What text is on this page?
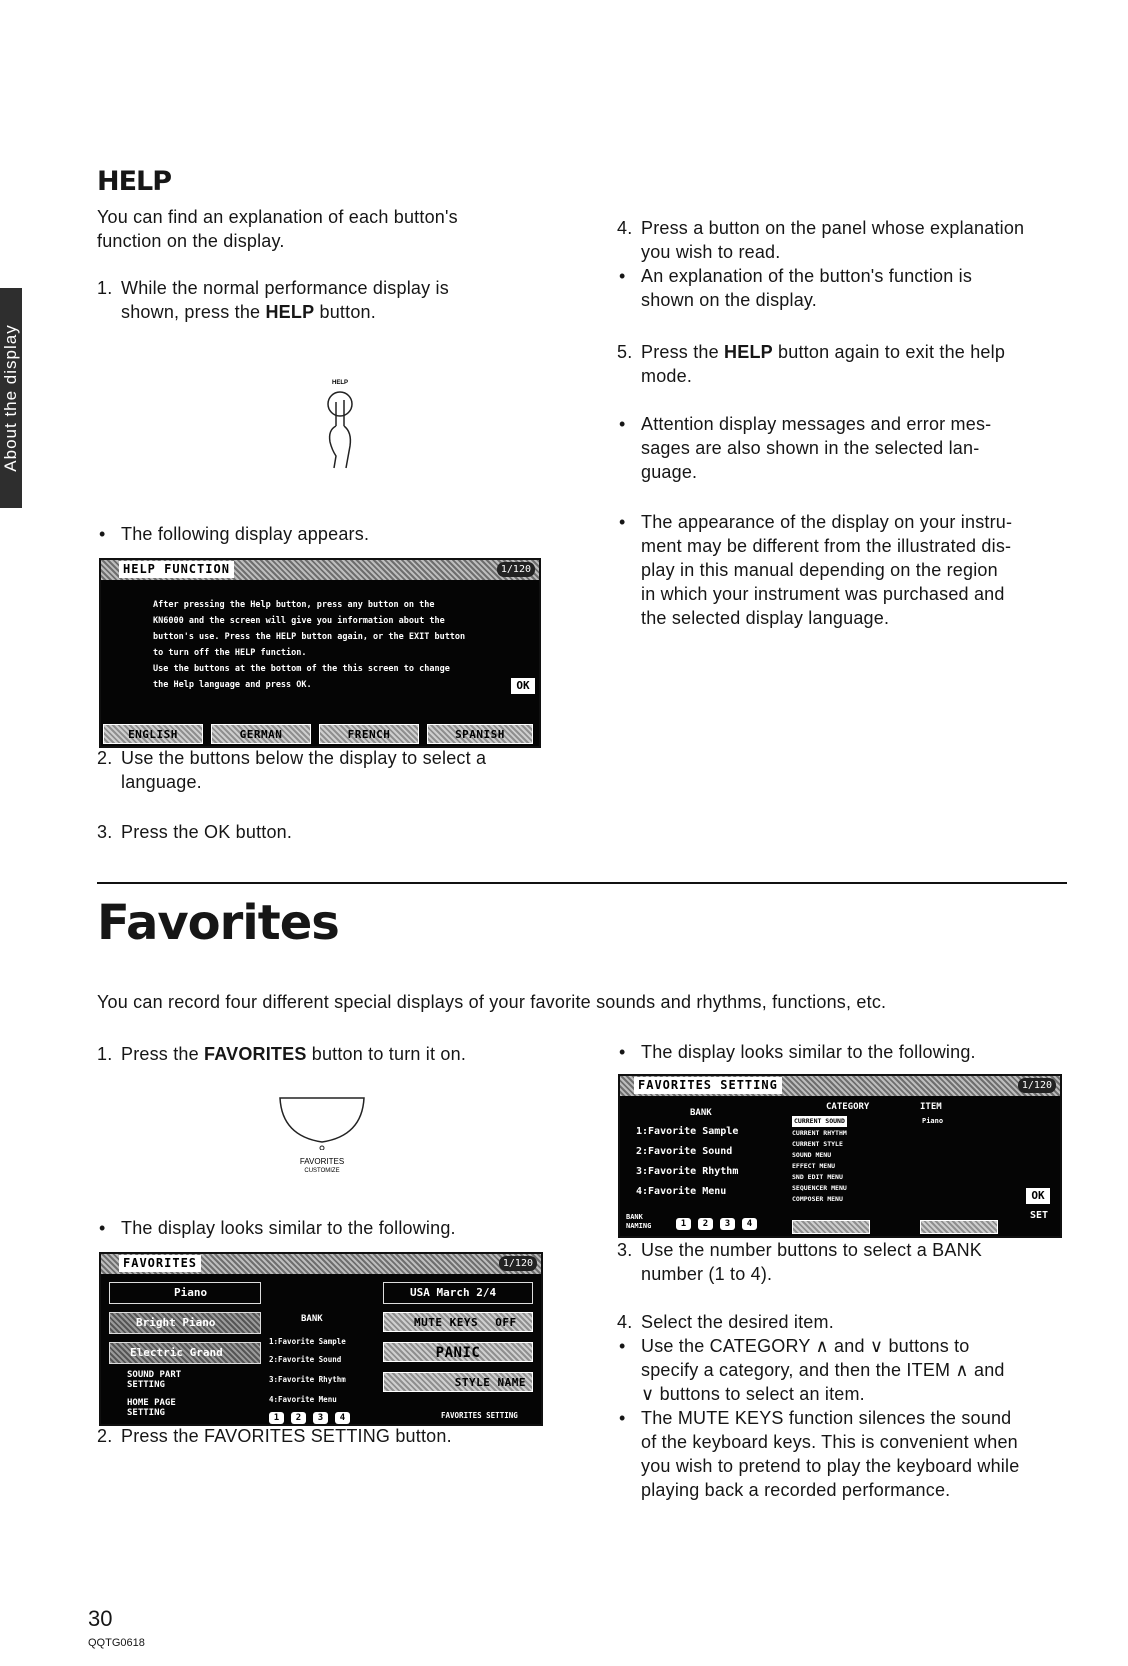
About the display
HELP
You can find an explanation of each button's
function on the display.
1. While the normal performance display is
shown, press the HELP button.
HELP
• The following display appears.
HELP FUNCTION	1/120
After pressing the Help button, press any button on the
KN6000 and the screen will give you information about the
button's use. Press the HELP button again, or the EXIT button
to turn off the HELP function.
Use the buttons at the bottom of the this screen to change
the Help language and press OK.	OK
ENGLISH	GERMAN	FRENCH	SPANISH
2. Use the buttons below the display to select a
language.
3. Press the OK button.
4. Press a button on the panel whose explanation
you wish to read.
• An explanation of the button's function is
shown on the display.
5. Press the HELP button again to exit the help
mode.
• Attention display messages and error mes-
sages are also shown in the selected lan-
guage.
• The appearance of the display on your instru-
ment may be different from the illustrated dis-
play in this manual depending on the region
in which your instrument was purchased and
the selected display language.
Favorites
You can record four different special displays of your favorite sounds and rhythms, functions, etc.
1. Press the FAVORITES button to turn it on.
FAVORITES
CUSTOMIZE
• The display looks similar to the following.
FAVORITES	1/120
Piano
Bright Piano
Electric Grand
SOUND PART
SETTING
HOME PAGE
SETTING
BANK
1:Favorite Sample
2:Favorite Sound
3:Favorite Rhythm
4:Favorite Menu
1	2	3	4
USA March 2/4
MUTE KEYS OFF
PANIC
STYLE NAME
FAVORITES SETTING
2. Press the FAVORITES SETTING button.
• The display looks similar to the following.
FAVORITES SETTING	1/120
BANK
1:Favorite Sample
2:Favorite Sound
3:Favorite Rhythm
4:Favorite Menu
BANK
NAMING	1	2	3	4
CATEGORY	ITEM
CURRENT SOUND
CURRENT RHYTHM
CURRENT STYLE
SOUND MENU
EFFECT MENU
SND EDIT MENU
SEQUENCER MENU
COMPOSER MENU
Piano
OK
SET
3. Use the number buttons to select a BANK
number (1 to 4).
4. Select the desired item.
• Use the CATEGORY ∧ and ∨ buttons to
specify a category, and then the ITEM ∧ and
∨ buttons to select an item.
• The MUTE KEYS function silences the sound
of the keyboard keys. This is convenient when
you wish to pretend to play the keyboard while
playing back a recorded performance.
30
QQTG0618
